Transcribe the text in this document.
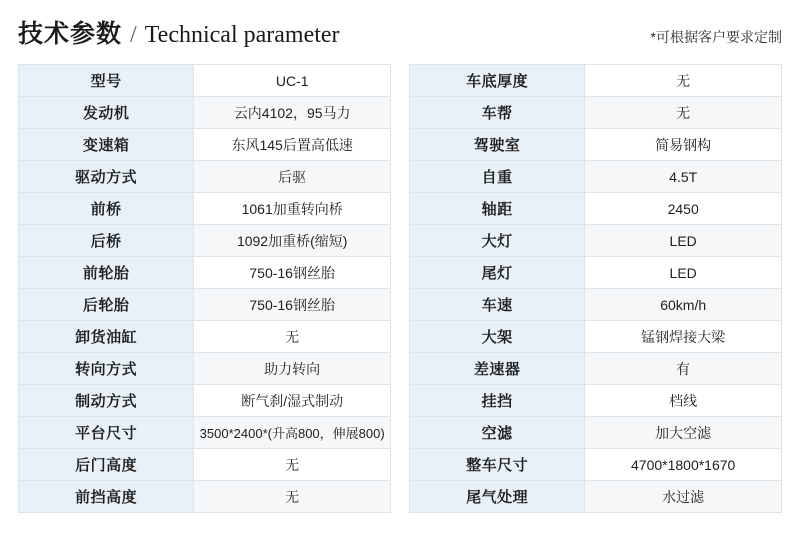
技术参数 / Technical parameter	*可根据客户要求定制
型号	UC-1
发动机	云内4102，95马力
变速箱	东风145后置高低速
驱动方式	后驱
前桥	1061加重转向桥
后桥	1092加重桥(缩短)
前轮胎	750-16钢丝胎
后轮胎	750-16钢丝胎
卸货油缸	无
转向方式	助力转向
制动方式	断气刹/湿式制动
平台尺寸	3500*2400*(升高800，伸展800)
后门高度	无
前挡高度	无
车底厚度	无
车帮	无
驾驶室	简易钢构
自重	4.5T
轴距	2450
大灯	LED
尾灯	LED
车速	60km/h
大架	锰钢焊接大梁
差速器	有
挂挡	档线
空滤	加大空滤
整车尺寸	4700*1800*1670
尾气处理	水过滤
